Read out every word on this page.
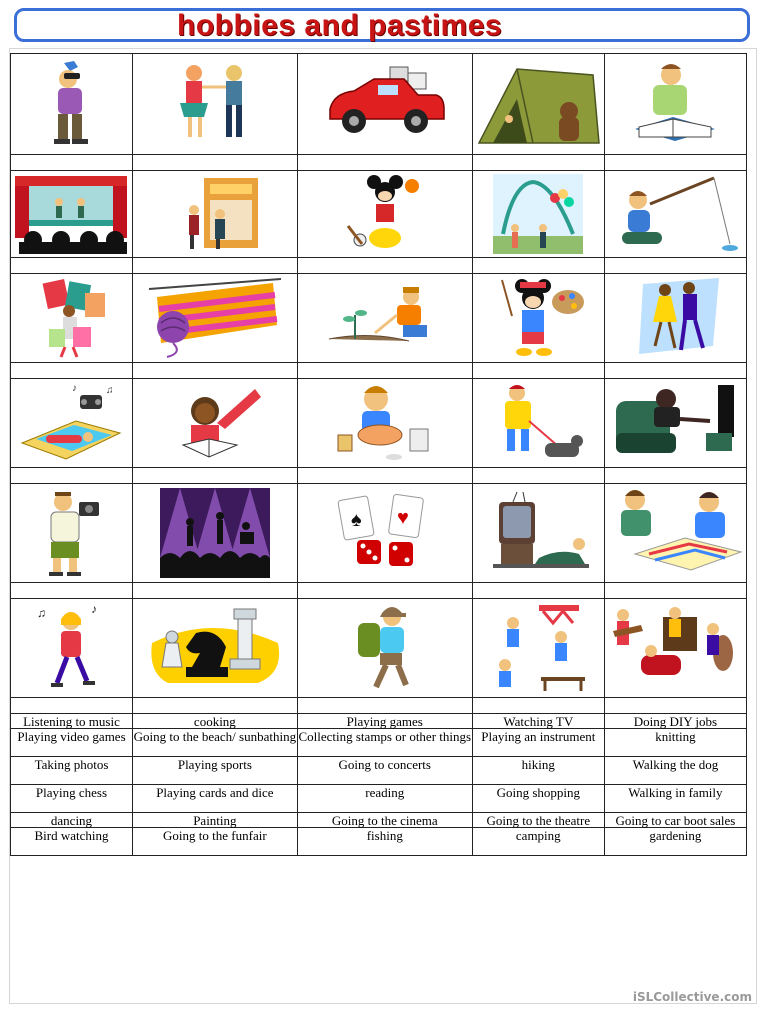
hobbies and pastimes

♫
♪

♠ ♥

♫ ♪

Listening to music	cooking	Playing games	Watching TV	Doing DIY jobs
Playing video games	Going to the beach/ sunbathing	Collecting stamps or other things	Playing an instrument	knitting
Taking photos	Playing sports	Going to concerts	hiking	Walking the dog
Playing chess	Playing cards and dice	reading	Going shopping	Walking in family
dancing	Painting	Going to the cinema	Going to the theatre	Going to car boot sales
Bird watching	Going to the funfair	fishing	camping	gardening
iSLCollective.com
